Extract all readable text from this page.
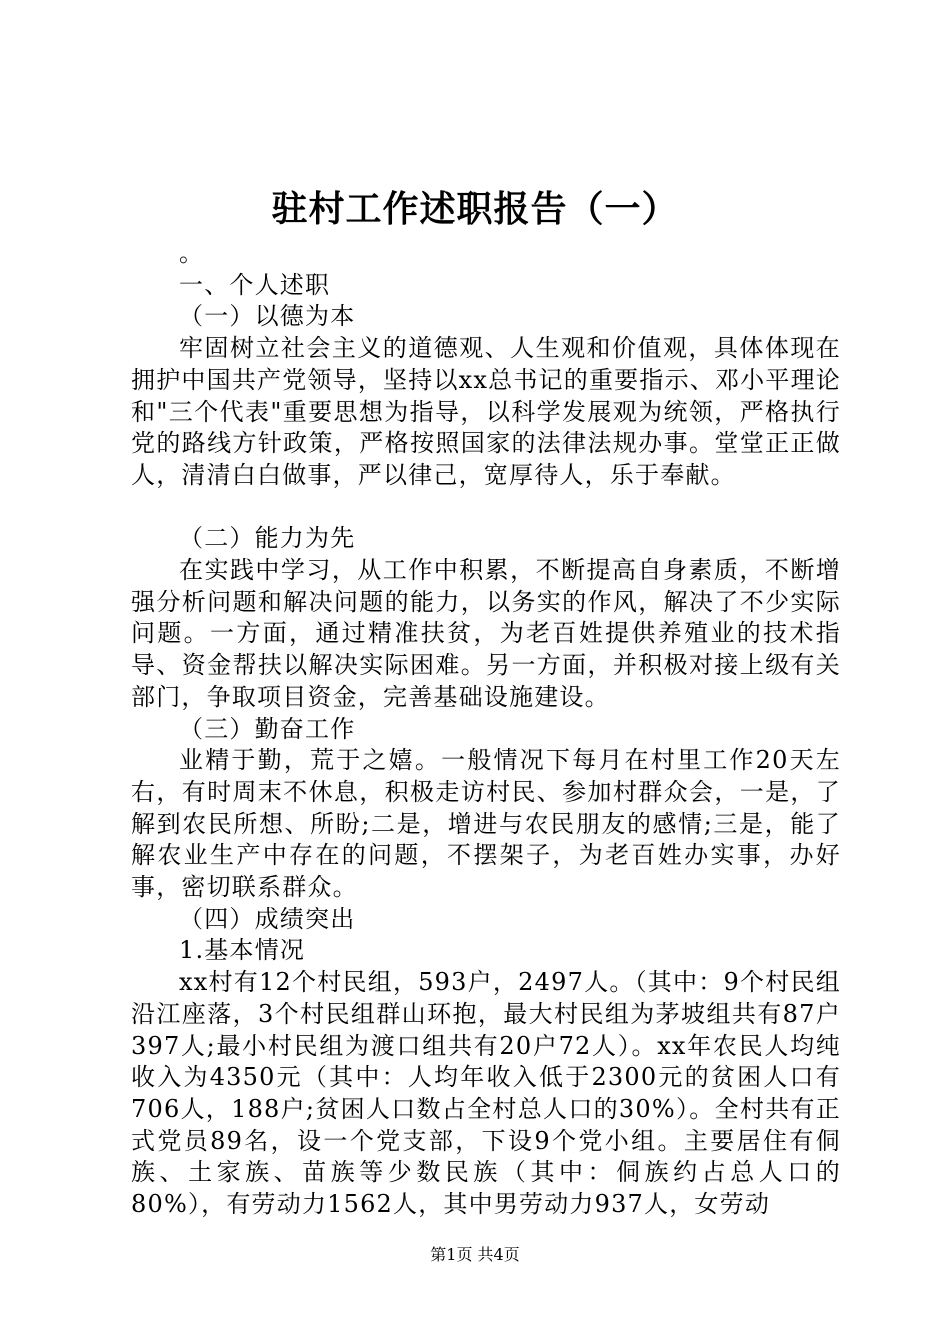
驻村工作述职报告（一）

。

一、个人述职

（一）以德为本

牢固树立社会主义的道德观、人生观和价值观，具体体现在拥护中国共产党领导，坚持以xx总书记的重要指示、邓小平理论和"三个代表"重要思想为指导，以科学发展观为统领，严格执行党的路线方针政策，严格按照国家的法律法规办事。堂堂正正做人，清清白白做事，严以律己，宽厚待人，乐于奉献。

（二）能力为先

在实践中学习，从工作中积累，不断提高自身素质，不断增强分析问题和解决问题的能力，以务实的作风，解决了不少实际问题。一方面，通过精准扶贫，为老百姓提供养殖业的技术指导、资金帮扶以解决实际困难。另一方面，并积极对接上级有关部门，争取项目资金，完善基础设施建设。

（三）勤奋工作

业精于勤，荒于之嬉。一般情况下每月在村里工作20天左右，有时周末不休息，积极走访村民、参加村群众会，一是，了解到农民所想、所盼;二是，增进与农民朋友的感情;三是，能了解农业生产中存在的问题，不摆架子，为老百姓办实事，办好事，密切联系群众。

（四）成绩突出

1.基本情况

xx村有12个村民组，593户，2497人。（其中：9个村民组沿江座落，3个村民组群山环抱，最大村民组为茅坡组共有87户397人;最小村民组为渡口组共有20户72人）。xx年农民人均纯收入为4350元（其中：人均年收入低于2300元的贫困人口有706人，188户;贫困人口数占全村总人口的30%）。全村共有正式党员89名，设一个党支部，下设9个党小组。主要居住有侗族、土家族、苗族等少数民族（其中：侗族约占总人口的80%），有劳动力1562人，其中男劳动力937人，女劳动

第1页 共4页
